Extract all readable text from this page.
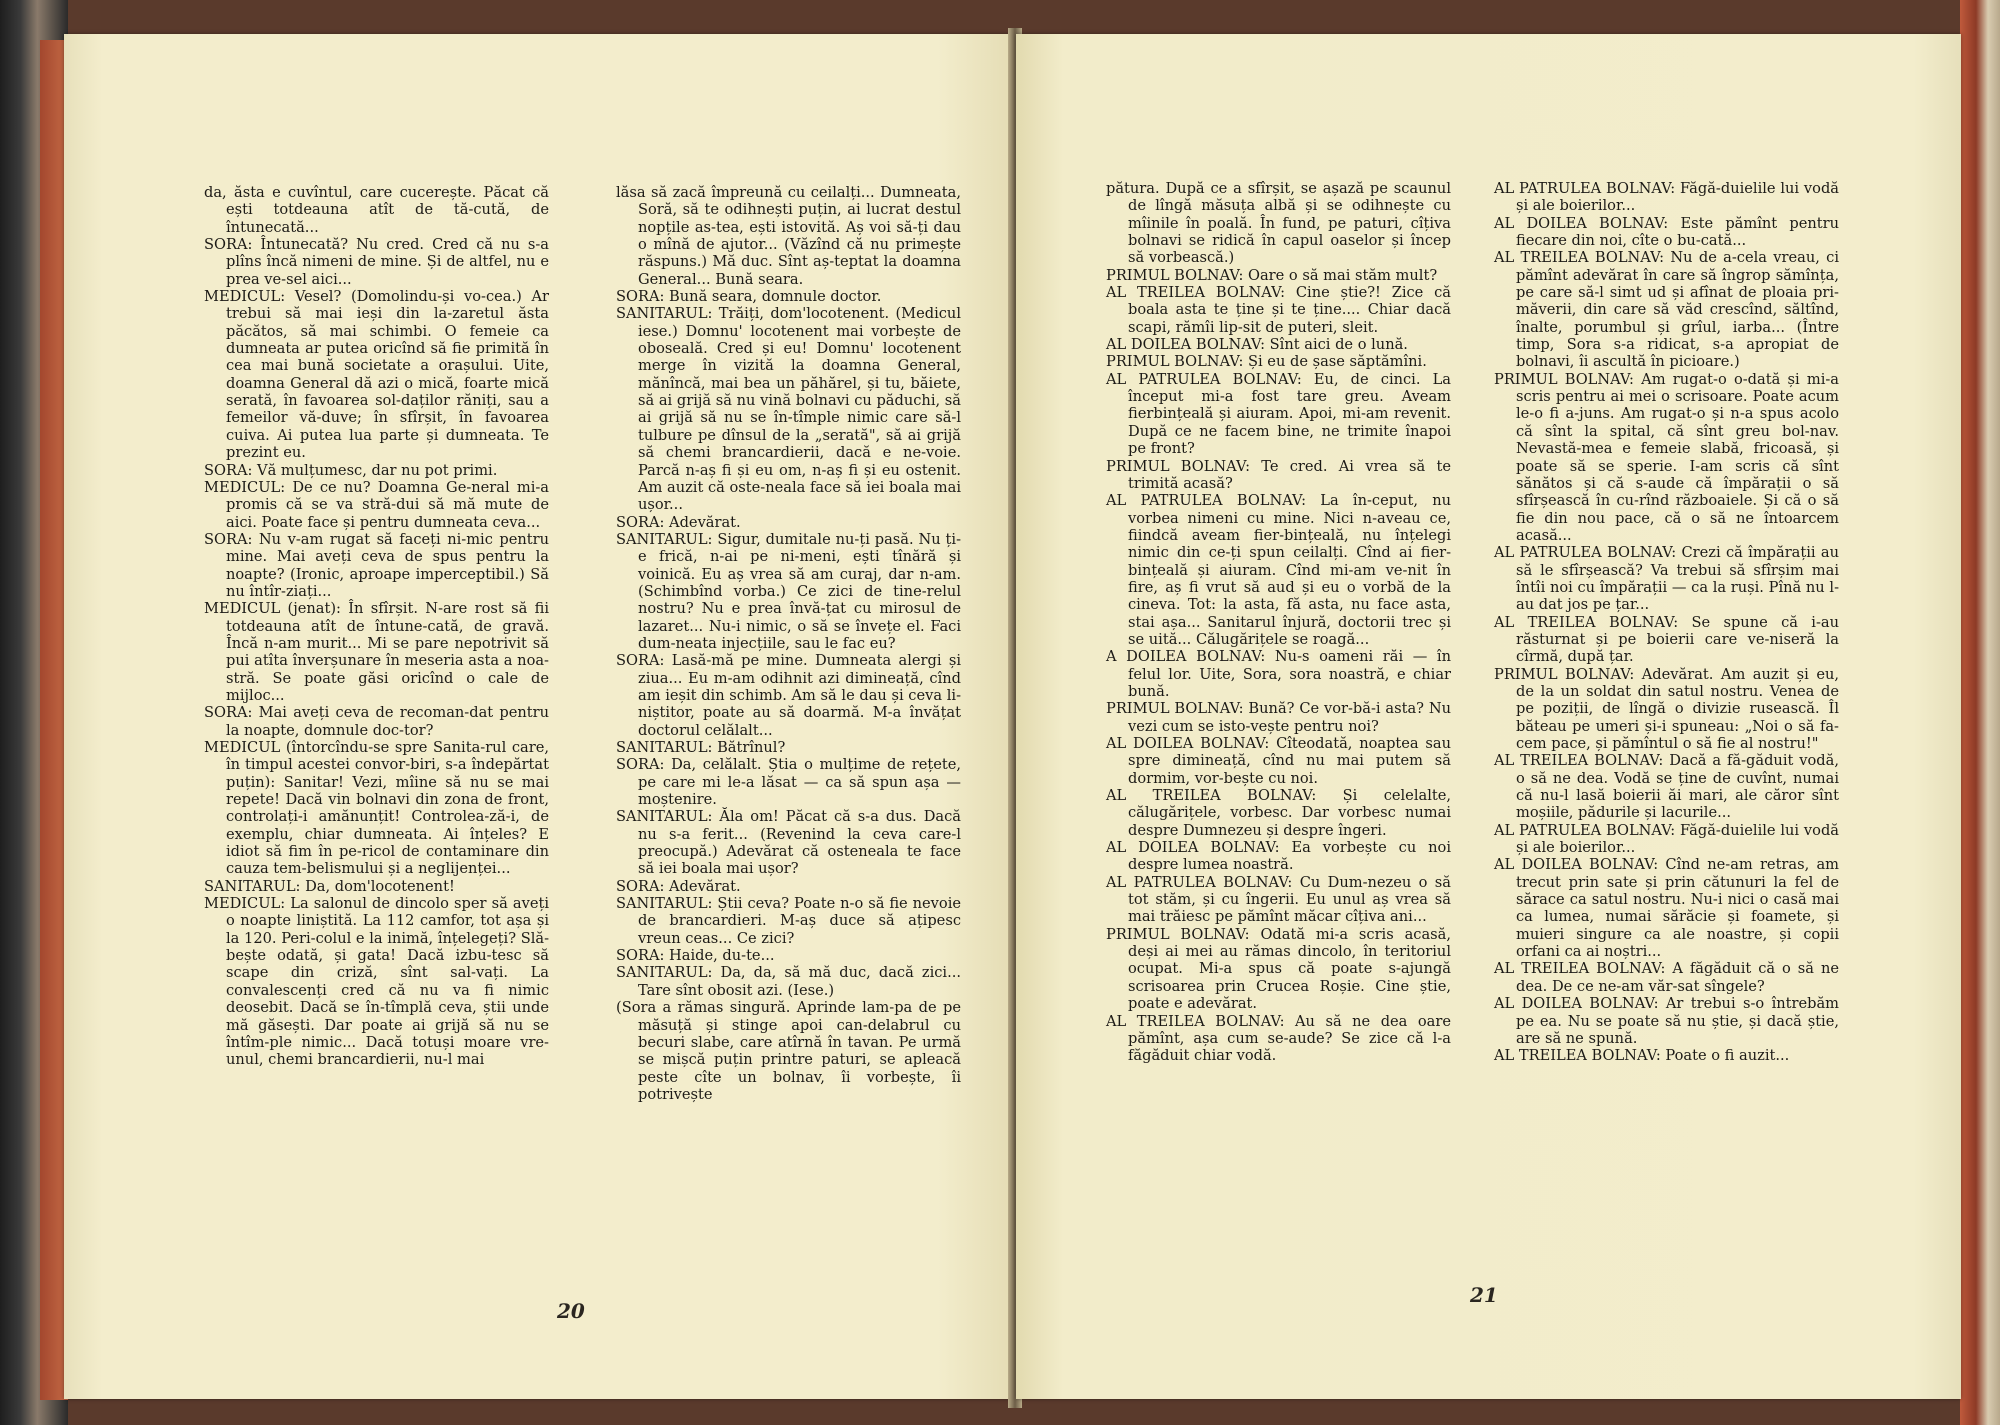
da, ăsta e cuvîntul, care cucerește. Păcat că ești totdeauna atît de tă-cută, de întunecată...

SORA: Întunecată? Nu cred. Cred că nu s-a plîns încă nimeni de mine. Și de altfel, nu e prea ve-sel aici...

MEDICUL: Vesel? (Domolindu-și vo-cea.) Ar trebui să mai ieși din la-zaretul ăsta păcătos, să mai schimbi. O femeie ca dumneata ar putea oricînd să fie primită în cea mai bună societate a orașului. Uite, doamna General dă azi o mică, foarte mică serată, în favoarea sol-daților răniți, sau a femeilor vă-duve; în sfîrșit, în favoarea cuiva. Ai putea lua parte și dumneata. Te prezint eu.

SORA: Vă mulțumesc, dar nu pot primi.

MEDICUL: De ce nu? Doamna Ge-neral mi-a promis că se va stră-dui să mă mute de aici. Poate face și pentru dumneata ceva...

SORA: Nu v-am rugat să faceți ni-mic pentru mine. Mai aveți ceva de spus pentru la noapte? (Ironic, aproape imperceptibil.) Să nu întîr-ziați...

MEDICUL (jenat): În sfîrșit. N-are rost să fii totdeauna atît de întune-cată, de gravă. Încă n-am murit... Mi se pare nepotrivit să pui atîta înverșunare în meseria asta a noa-stră. Se poate găsi oricînd o cale de mijloc...

SORA: Mai aveți ceva de recoman-dat pentru la noapte, domnule doc-tor?

MEDICUL (întorcîndu-se spre Sanita-rul care, în timpul acestei convor-biri, s-a îndepărtat puțin): Sanitar! Vezi, mîine să nu se mai repete! Dacă vin bolnavi din zona de front, controlați-i amănunțit! Controlea-ză-i, de exemplu, chiar dumneata. Ai înțeles? E idiot să fim în pe-ricol de contaminare din cauza tem-belismului și a neglijenței...

SANITARUL: Da, dom'locotenent!

MEDICUL: La salonul de dincolo sper să aveți o noapte liniștită. La 112 camfor, tot așa și la 120. Peri-colul e la inimă, înțelegeți? Slă-bește odată, și gata! Dacă izbu-tesc să scape din criză, sînt sal-vați. La convalescenți cred că nu va fi nimic deosebit. Dacă se în-tîmplă ceva, știi unde mă găsești. Dar poate ai grijă să nu se întîm-ple nimic... Dacă totuși moare vre-unul, chemi brancardierii, nu-l mai

lăsa să zacă împreună cu ceilalți... Dumneata, Soră, să te odihnești puțin, ai lucrat destul nopțile as-tea, ești istovită. Aș voi să-ți dau o mînă de ajutor... (Văzînd că nu primește răspuns.) Mă duc. Sînt aș-teptat la doamna General... Bună seara.

SORA: Bună seara, domnule doctor.

SANITARUL: Trăiți, dom'locotenent. (Medicul iese.) Domnu' locotenent mai vorbește de oboseală. Cred și eu! Domnu' locotenent merge în vizită la doamna General, mănîncă, mai bea un păhărel, și tu, băiete, să ai grijă să nu vină bolnavi cu păduchi, să ai grijă să nu se în-tîmple nimic care să-l tulbure pe dînsul de la „serată", să ai grijă să chemi brancardierii, dacă e ne-voie. Parcă n-aș fi și eu om, n-aș fi și eu ostenit. Am auzit că oste-neala face să iei boala mai ușor...

SORA: Adevărat.

SANITARUL: Sigur, dumitale nu-ți pasă. Nu ți-e frică, n-ai pe ni-meni, ești tînără și voinică. Eu aș vrea să am curaj, dar n-am. (Schimbînd vorba.) Ce zici de tine-relul nostru? Nu e prea învă-țat cu mirosul de lazaret... Nu-i nimic, o să se învețe el. Faci dum-neata injecțiile, sau le fac eu?

SORA: Lasă-mă pe mine. Dumneata alergi și ziua... Eu m-am odihnit azi dimineață, cînd am ieșit din schimb. Am să le dau și ceva li-niștitor, poate au să doarmă. M-a învățat doctorul celălalt...

SANITARUL: Bătrînul?

SORA: Da, celălalt. Știa o mulțime de rețete, pe care mi le-a lăsat — ca să spun așa — moștenire.

SANITARUL: Ăla om! Păcat că s-a dus. Dacă nu s-a ferit... (Revenind la ceva care-l preocupă.) Adevărat că osteneala te face să iei boala mai ușor?

SORA: Adevărat.

SANITARUL: Știi ceva? Poate n-o să fie nevoie de brancardieri. M-aș duce să ațipesc vreun ceas... Ce zici?

SORA: Haide, du-te...

SANITARUL: Da, da, să mă duc, dacă zici... Tare sînt obosit azi. (Iese.)

(Sora a rămas singură. Aprinde lam-pa de pe măsuță și stinge apoi can-delabrul cu becuri slabe, care atîrnă în tavan. Pe urmă se mișcă puțin printre paturi, se apleacă peste cîte un bolnav, îi vorbește, îi potrivește

20

pătura. După ce a sfîrșit, se așază pe scaunul de lîngă măsuța albă și se odihnește cu mîinile în poală. În fund, pe paturi, cîțiva bolnavi se ridică în capul oaselor și încep să vorbească.)

PRIMUL BOLNAV: Oare o să mai stăm mult?

AL TREILEA BOLNAV: Cine știe?! Zice că boala asta te ține și te ține.... Chiar dacă scapi, rămîi lip-sit de puteri, sleit.

AL DOILEA BOLNAV: Sînt aici de o lună.

PRIMUL BOLNAV: Și eu de șase săptămîni.

AL PATRULEA BOLNAV: Eu, de cinci. La început mi-a fost tare greu. Aveam fierbințeală și aiuram. Apoi, mi-am revenit. După ce ne facem bine, ne trimite înapoi pe front?

PRIMUL BOLNAV: Te cred. Ai vrea să te trimită acasă?

AL PATRULEA BOLNAV: La în-ceput, nu vorbea nimeni cu mine. Nici n-aveau ce, fiindcă aveam fier-bințeală, nu înțelegi nimic din ce-ți spun ceilalți. Cînd ai fier-bințeală și aiuram. Cînd mi-am ve-nit în fire, aș fi vrut să aud și eu o vorbă de la cineva. Tot: la asta, fă asta, nu face asta, stai așa... Sanitarul înjură, doctorii trec și se uită... Călugărițele se roagă...

A DOILEA BOLNAV: Nu-s oameni răi — în felul lor. Uite, Sora, sora noastră, e chiar bună.

PRIMUL BOLNAV: Bună? Ce vor-bă-i asta? Nu vezi cum se isto-vește pentru noi?

AL DOILEA BOLNAV: Cîteodată, noaptea sau spre dimineață, cînd nu mai putem să dormim, vor-bește cu noi.

AL TREILEA BOLNAV: Și celelalte, călugărițele, vorbesc. Dar vorbesc numai despre Dumnezeu și despre îngeri.

AL DOILEA BOLNAV: Ea vorbește cu noi despre lumea noastră.

AL PATRULEA BOLNAV: Cu Dum-nezeu o să tot stăm, și cu îngerii. Eu unul aș vrea să mai trăiesc pe pămînt măcar cîțiva ani...

PRIMUL BOLNAV: Odată mi-a scris acasă, deși ai mei au rămas dincolo, în teritoriul ocupat. Mi-a spus că poate s-ajungă scrisoarea prin Crucea Roșie. Cine știe, poate e adevărat.

AL TREILEA BOLNAV: Au să ne dea oare pămînt, așa cum se-aude? Se zice că l-a făgăduit chiar vodă.

AL PATRULEA BOLNAV: Făgă-duielile lui vodă și ale boierilor...

AL DOILEA BOLNAV: Este pămînt pentru fiecare din noi, cîte o bu-cată...

AL TREILEA BOLNAV: Nu de a-cela vreau, ci pămînt adevărat în care să îngrop sămînța, pe care să-l simt ud și afînat de ploaia pri-măverii, din care să văd crescînd, săltînd, înalte, porumbul și grîul, iarba... (Între timp, Sora s-a ridicat, s-a apropiat de bolnavi, îi ascultă în picioare.)

PRIMUL BOLNAV: Am rugat-o o-dată și mi-a scris pentru ai mei o scrisoare. Poate acum le-o fi a-juns. Am rugat-o și n-a spus acolo că sînt la spital, că sînt greu bol-nav. Nevastă-mea e femeie slabă, fricoasă, și poate să se sperie. I-am scris că sînt sănătos și că s-aude că împărații o să sfîrșească în cu-rînd războaiele. Și că o să fie din nou pace, că o să ne întoarcem acasă...

AL PATRULEA BOLNAV: Crezi că împărații au să le sfîrșească? Va trebui să sfîrșim mai întîi noi cu împărații — ca la ruși. Pînă nu l-au dat jos pe țar...

AL TREILEA BOLNAV: Se spune că i-au răsturnat și pe boierii care ve-niseră la cîrmă, după țar.

PRIMUL BOLNAV: Adevărat. Am auzit și eu, de la un soldat din satul nostru. Venea de pe poziții, de lîngă o divizie rusească. Îl băteau pe umeri și-i spuneau: „Noi o să fa-cem pace, și pămîntul o să fie al nostru!"

AL TREILEA BOLNAV: Dacă a fă-găduit vodă, o să ne dea. Vodă se ține de cuvînt, numai că nu-l lasă boierii ăi mari, ale căror sînt moșiile, pădurile și lacurile...

AL PATRULEA BOLNAV: Făgă-duielile lui vodă și ale boierilor...

AL DOILEA BOLNAV: Cînd ne-am retras, am trecut prin sate și prin cătunuri la fel de sărace ca satul nostru. Nu-i nici o casă mai ca lumea, numai sărăcie și foamete, și muieri singure ca ale noastre, și copii orfani ca ai noștri...

AL TREILEA BOLNAV: A făgăduit că o să ne dea. De ce ne-am văr-sat sîngele?

AL DOILEA BOLNAV: Ar trebui s-o întrebăm pe ea. Nu se poate să nu știe, și dacă știe, are să ne spună.

AL TREILEA BOLNAV: Poate o fi auzit...

21
